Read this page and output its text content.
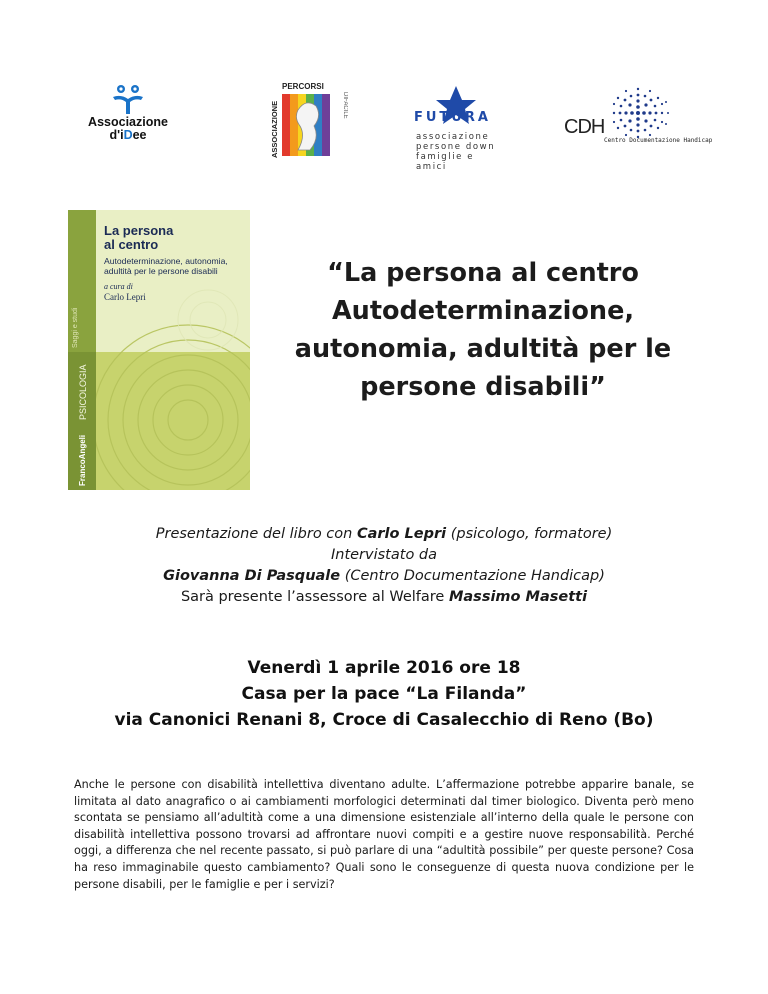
Associazione
d'iDee
PERCORSI
ASSOCIAZIONE	DIFACILE	FUTURA
associazione
persone down
famiglie e amici
CDH
Centro Documentazione Handicap
La persona
al centro
Autodeterminazione, autonomia,
adultità per le persone disabili
a cura di
Carlo Lepri
Saggi e studi
PSICOLOGIA
FrancoAngeli
“La persona al centro
Autodeterminazione,
autonomia, adultità per le
persone disabili”
Presentazione del libro con Carlo Lepri (psicologo, formatore)
Intervistato da
Giovanna Di Pasquale (Centro Documentazione Handicap)
Sarà presente l’assessore al Welfare Massimo Masetti
Venerdì 1 aprile 2016 ore 18
Casa per la pace “La Filanda”
via Canonici Renani 8, Croce di Casalecchio di Reno (Bo)
Anche le persone con disabilità intellettiva diventano adulte. L’affermazione potrebbe apparire banale, se limitata al dato anagrafico o ai cambiamenti morfologici determinati dal timer biologico. Diventa però meno scontata se pensiamo all’adultità come a una dimensione esistenziale all’interno della quale le persone con disabilità intellettiva possono trovarsi ad affrontare nuovi compiti e a gestire nuove responsabilità. Perché oggi, a differenza che nel recente passato, si può parlare di una “adultità possibile” per queste persone? Cosa ha reso immaginabile questo cambiamento? Quali sono le conseguenze di questa nuova condizione per le persone disabili, per le famiglie e per i servizi?
